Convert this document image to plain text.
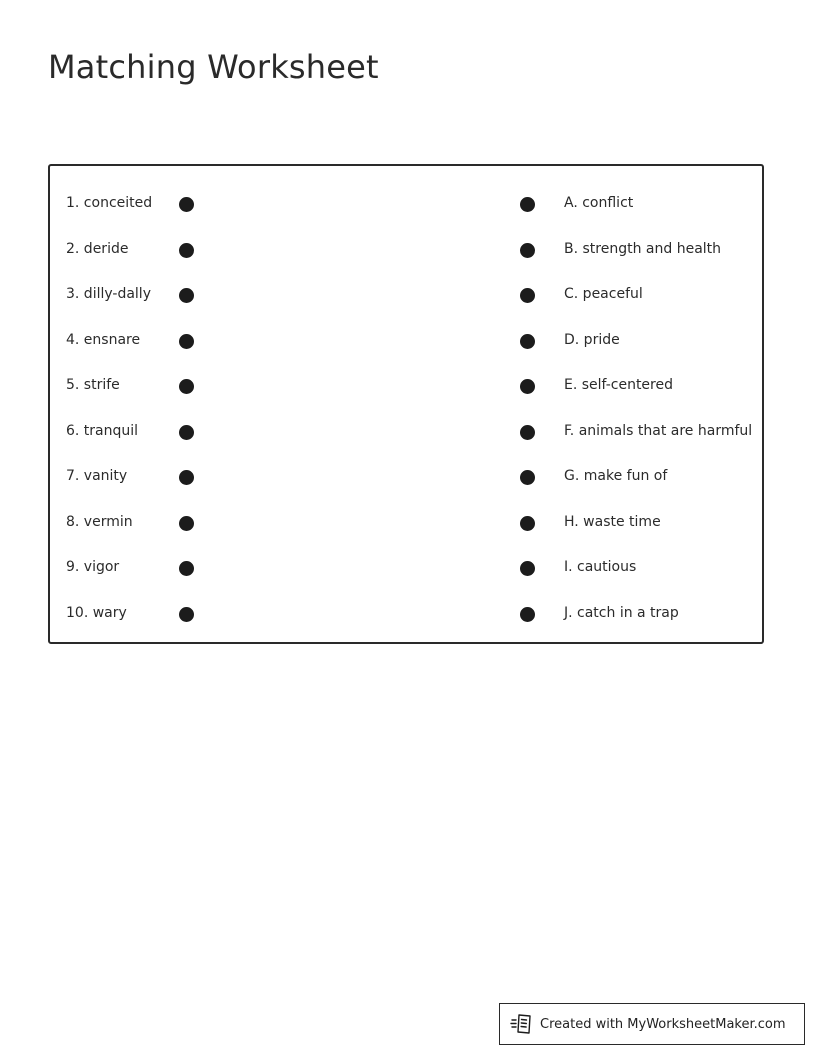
Matching Worksheet
1. conceited
2. deride
3. dilly-dally
4. ensnare
5. strife
6. tranquil
7. vanity
8. vermin
9. vigor
10. wary
A. conflict
B. strength and health
C. peaceful
D. pride
E. self-centered
F. animals that are harmful
G. make fun of
H. waste time
I. cautious
J. catch in a trap
Created with MyWorksheetMaker.com
